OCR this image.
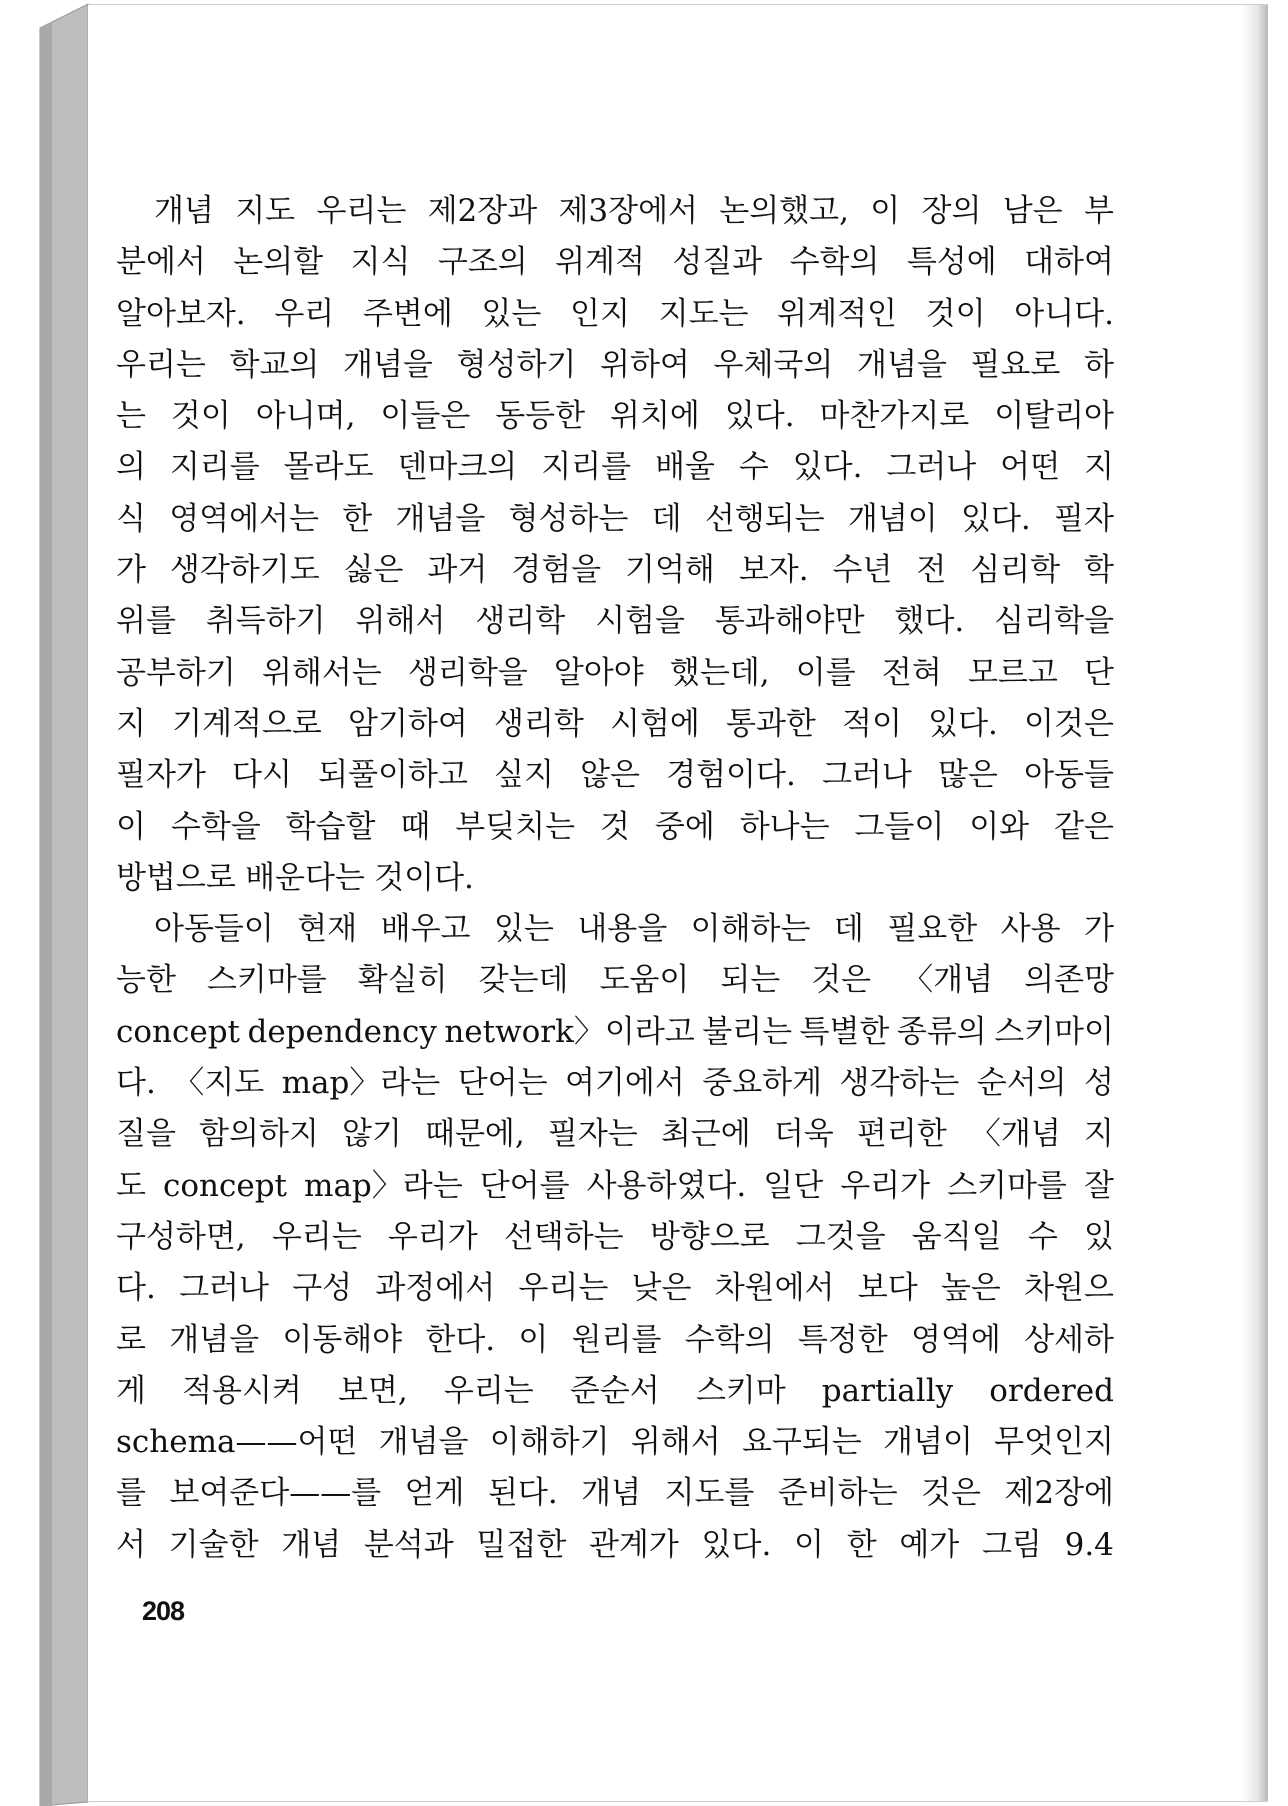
개념 지도 우리는 제2장과 제3장에서 논의했고, 이 장의 남은 부
분에서 논의할 지식 구조의 위계적 성질과 수학의 특성에 대하여
알아보자. 우리 주변에 있는 인지 지도는 위계적인 것이 아니다.
우리는 학교의 개념을 형성하기 위하여 우체국의 개념을 필요로 하
는 것이 아니며, 이들은 동등한 위치에 있다. 마찬가지로 이탈리아
의 지리를 몰라도 덴마크의 지리를 배울 수 있다. 그러나 어떤 지
식 영역에서는 한 개념을 형성하는 데 선행되는 개념이 있다. 필자
가 생각하기도 싫은 과거 경험을 기억해 보자. 수년 전 심리학 학
위를 취득하기 위해서 생리학 시험을 통과해야만 했다. 심리학을
공부하기 위해서는 생리학을 알아야 했는데, 이를 전혀 모르고 단
지 기계적으로 암기하여 생리학 시험에 통과한 적이 있다. 이것은
필자가 다시 되풀이하고 싶지 않은 경험이다. 그러나 많은 아동들
이 수학을 학습할 때 부딪치는 것 중에 하나는 그들이 이와 같은
방법으로 배운다는 것이다.
아동들이 현재 배우고 있는 내용을 이해하는 데 필요한 사용 가
능한 스키마를 확실히 갖는데 도움이 되는 것은 〈개념 의존망
concept dependency network〉이라고 불리는 특별한 종류의 스키마이
다. 〈지도 map〉라는 단어는 여기에서 중요하게 생각하는 순서의 성
질을 함의하지 않기 때문에, 필자는 최근에 더욱 편리한 〈개념 지
도 concept map〉라는 단어를 사용하였다. 일단 우리가 스키마를 잘
구성하면, 우리는 우리가 선택하는 방향으로 그것을 움직일 수 있
다. 그러나 구성 과정에서 우리는 낮은 차원에서 보다 높은 차원으
로 개념을 이동해야 한다. 이 원리를 수학의 특정한 영역에 상세하
게 적용시켜 보면, 우리는 준순서 스키마 partially ordered
schema——어떤 개념을 이해하기 위해서 요구되는 개념이 무엇인지
를 보여준다——를 얻게 된다. 개념 지도를 준비하는 것은 제2장에
서 기술한 개념 분석과 밀접한 관계가 있다. 이 한 예가 그림 9.4
208
